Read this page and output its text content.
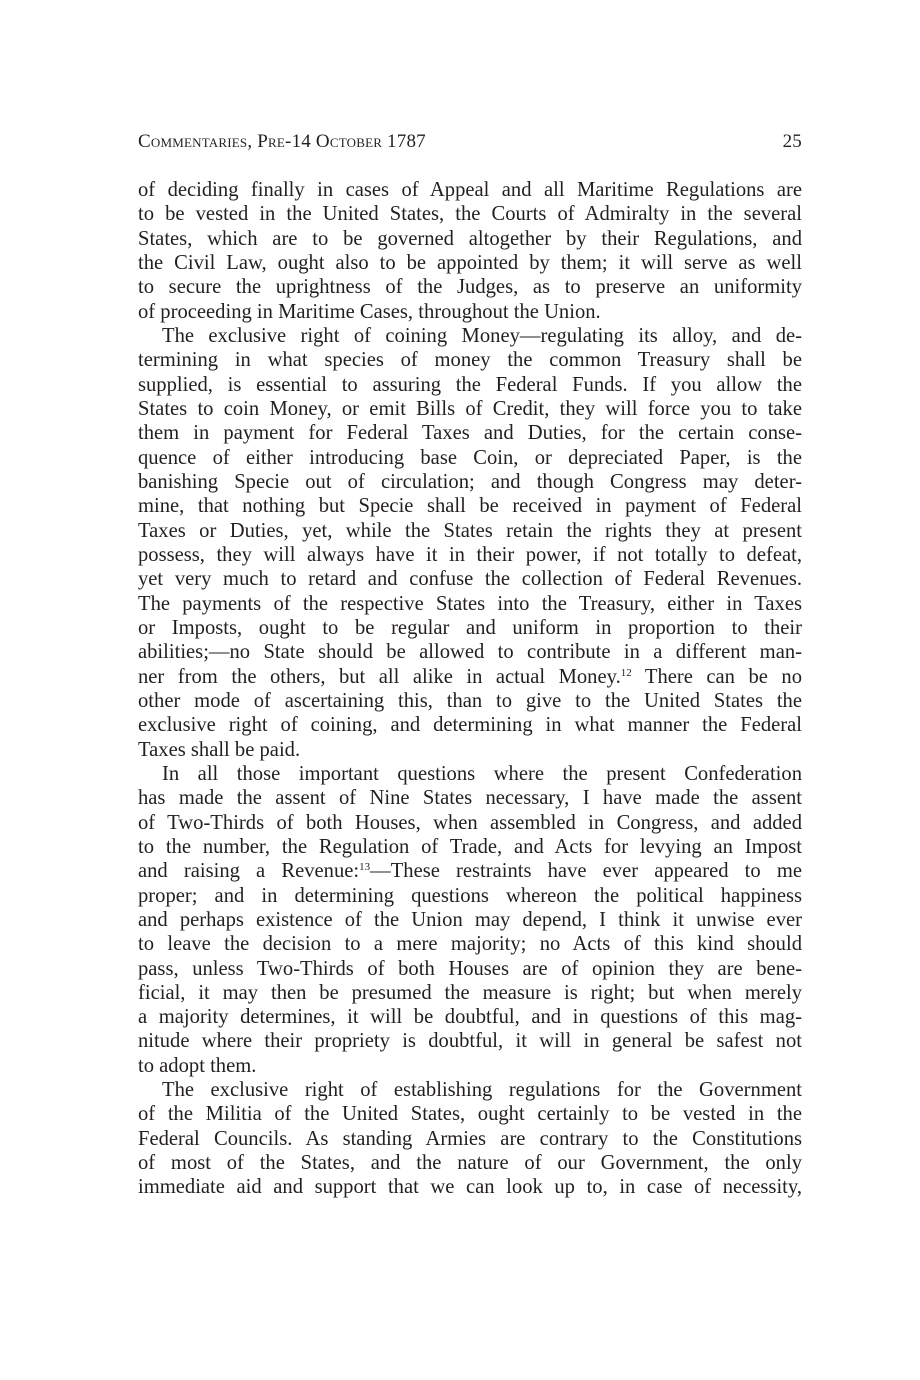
Commentaries, Pre-14 October 1787	25
of deciding finally in cases of Appeal and all Maritime Regulations are
to be vested in the United States, the Courts of Admiralty in the several
States, which are to be governed altogether by their Regulations, and
the Civil Law, ought also to be appointed by them; it will serve as well
to secure the uprightness of the Judges, as to preserve an uniformity
of proceeding in Maritime Cases, throughout the Union.
The exclusive right of coining Money—regulating its alloy, and de-
termining in what species of money the common Treasury shall be
supplied, is essential to assuring the Federal Funds. If you allow the
States to coin Money, or emit Bills of Credit, they will force you to take
them in payment for Federal Taxes and Duties, for the certain conse-
quence of either introducing base Coin, or depreciated Paper, is the
banishing Specie out of circulation; and though Congress may deter-
mine, that nothing but Specie shall be received in payment of Federal
Taxes or Duties, yet, while the States retain the rights they at present
possess, they will always have it in their power, if not totally to defeat,
yet very much to retard and confuse the collection of Federal Revenues.
The payments of the respective States into the Treasury, either in Taxes
or Imposts, ought to be regular and uniform in proportion to their
abilities;—no State should be allowed to contribute in a different man-
ner from the others, but all alike in actual Money.$^{12}$ There can be no
other mode of ascertaining this, than to give to the United States the
exclusive right of coining, and determining in what manner the Federal
Taxes shall be paid.
In all those important questions where the present Confederation
has made the assent of Nine States necessary, I have made the assent
of Two-Thirds of both Houses, when assembled in Congress, and added
to the number, the Regulation of Trade, and Acts for levying an Impost
and raising a Revenue:$^{13}$—These restraints have ever appeared to me
proper; and in determining questions whereon the political happiness
and perhaps existence of the Union may depend, I think it unwise ever
to leave the decision to a mere majority; no Acts of this kind should
pass, unless Two-Thirds of both Houses are of opinion they are bene-
ficial, it may then be presumed the measure is right; but when merely
a majority determines, it will be doubtful, and in questions of this mag-
nitude where their propriety is doubtful, it will in general be safest not
to adopt them.
The exclusive right of establishing regulations for the Government
of the Militia of the United States, ought certainly to be vested in the
Federal Councils. As standing Armies are contrary to the Constitutions
of most of the States, and the nature of our Government, the only
immediate aid and support that we can look up to, in case of necessity,
